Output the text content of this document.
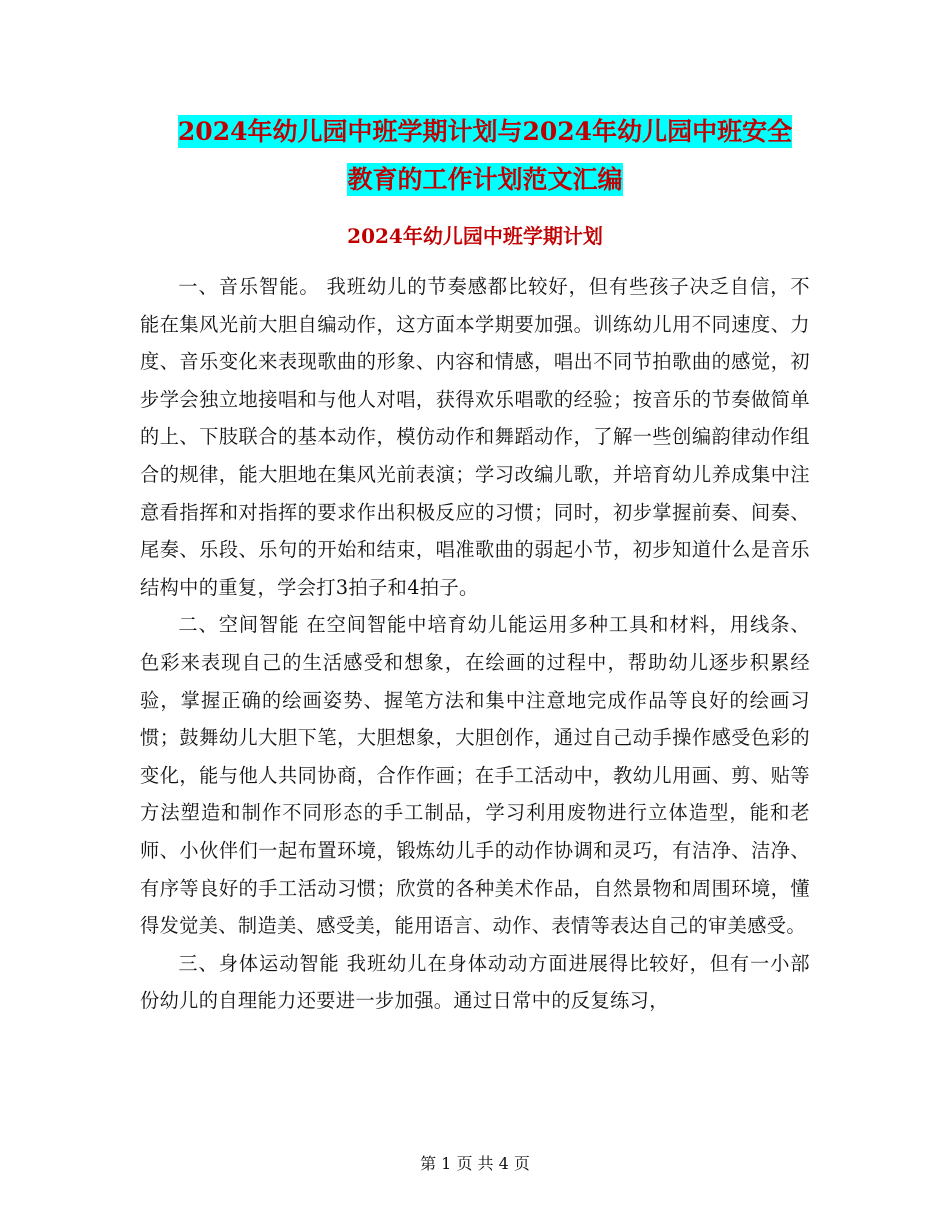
2024年幼儿园中班学期计划与2024年幼儿园中班安全
教育的工作计划范文汇编
2024年幼儿园中班学期计划

一、音乐智能。 我班幼儿的节奏感都比较好，但有些孩子决乏自信，不能在集风光前大胆自编动作，这方面本学期要加强。训练幼儿用不同速度、力度、音乐变化来表现歌曲的形象、内容和情感，唱出不同节拍歌曲的感觉，初步学会独立地接唱和与他人对唱，获得欢乐唱歌的经验；按音乐的节奏做简单的上、下肢联合的基本动作，模仿动作和舞蹈动作，了解一些创编韵律动作组合的规律，能大胆地在集风光前表演；学习改编儿歌，并培育幼儿养成集中注意看指挥和对指挥的要求作出积极反应的习惯；同时，初步掌握前奏、间奏、尾奏、乐段、乐句的开始和结束，唱准歌曲的弱起小节，初步知道什么是音乐结构中的重复，学会打3拍子和4拍子。

二、空间智能 在空间智能中培育幼儿能运用多种工具和材料，用线条、色彩来表现自己的生活感受和想象，在绘画的过程中，帮助幼儿逐步积累经验，掌握正确的绘画姿势、握笔方法和集中注意地完成作品等良好的绘画习惯；鼓舞幼儿大胆下笔，大胆想象，大胆创作，通过自己动手操作感受色彩的变化，能与他人共同协商，合作作画；在手工活动中，教幼儿用画、剪、贴等方法塑造和制作不同形态的手工制品，学习利用废物进行立体造型，能和老师、小伙伴们一起布置环境，锻炼幼儿手的动作协调和灵巧，有洁净、洁净、有序等良好的手工活动习惯；欣赏的各种美术作品，自然景物和周围环境，懂得发觉美、制造美、感受美，能用语言、动作、表情等表达自己的审美感受。

三、身体运动智能 我班幼儿在身体动动方面进展得比较好，但有一小部份幼儿的自理能力还要进一步加强。通过日常中的反复练习，

第 1 页 共 4 页
